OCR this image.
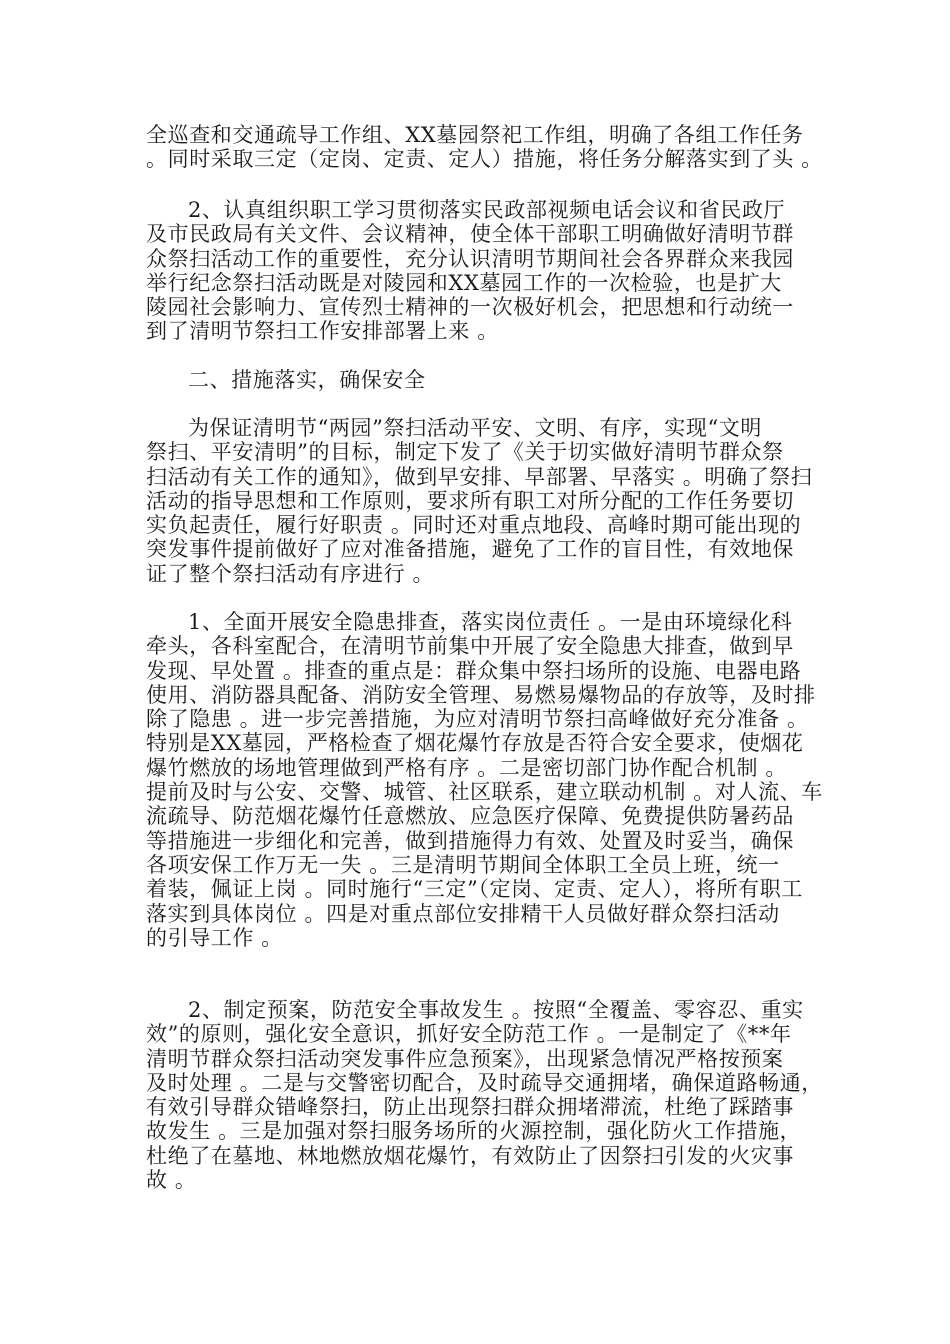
全巡查和交通疏导工作组、XX墓园祭祀工作组，明确了各组工作任务
。同时采取三定（定岗、定责、定人）措施，将任务分解落实到了头 。

2、认真组织职工学习贯彻落实民政部视频电话会议和省民政厅
及市民政局有关文件、会议精神，使全体干部职工明确做好清明节群
众祭扫活动工作的重要性，充分认识清明节期间社会各界群众来我园
举行纪念祭扫活动既是对陵园和XX墓园工作的一次检验，也是扩大
陵园社会影响力、宣传烈士精神的一次极好机会，把思想和行动统一
到了清明节祭扫工作安排部署上来 。

二、措施落实，确保安全

为保证清明节“两园”祭扫活动平安、文明、有序，实现“文明
祭扫、平安清明”的目标，制定下发了《关于切实做好清明节群众祭
扫活动有关工作的通知》，做到早安排、早部署、早落实 。明确了祭扫
活动的指导思想和工作原则，要求所有职工对所分配的工作任务要切
实负起责任，履行好职责 。同时还对重点地段、高峰时期可能出现的
突发事件提前做好了应对准备措施，避免了工作的盲目性，有效地保
证了整个祭扫活动有序进行 。

1、全面开展安全隐患排查，落实岗位责任 。一是由环境绿化科
牵头，各科室配合，在清明节前集中开展了安全隐患大排查，做到早
发现、早处置 。排查的重点是：群众集中祭扫场所的设施、电器电路
使用、消防器具配备、消防安全管理、易燃易爆物品的存放等，及时排
除了隐患 。进一步完善措施，为应对清明节祭扫高峰做好充分准备 。
特别是XX墓园，严格检查了烟花爆竹存放是否符合安全要求，使烟花
爆竹燃放的场地管理做到严格有序 。二是密切部门协作配合机制 。
提前及时与公安、交警、城管、社区联系，建立联动机制 。对人流、车
流疏导、防范烟花爆竹任意燃放、应急医疗保障、免费提供防暑药品
等措施进一步细化和完善，做到措施得力有效、处置及时妥当，确保
各项安保工作万无一失 。三是清明节期间全体职工全员上班，统一
着装，佩证上岗 。同时施行“三定”（定岗、定责、定人），将所有职工
落实到具体岗位 。四是对重点部位安排精干人员做好群众祭扫活动
的引导工作 。

2、制定预案，防范安全事故发生 。按照“全覆盖、零容忍、重实
效”的原则，强化安全意识，抓好安全防范工作 。一是制定了《**年
清明节群众祭扫活动突发事件应急预案》，出现紧急情况严格按预案
及时处理 。二是与交警密切配合，及时疏导交通拥堵，确保道路畅通，
有效引导群众错峰祭扫，防止出现祭扫群众拥堵滞流，杜绝了踩踏事
故发生 。三是加强对祭扫服务场所的火源控制，强化防火工作措施，
杜绝了在墓地、林地燃放烟花爆竹，有效防止了因祭扫引发的火灾事
故 。
